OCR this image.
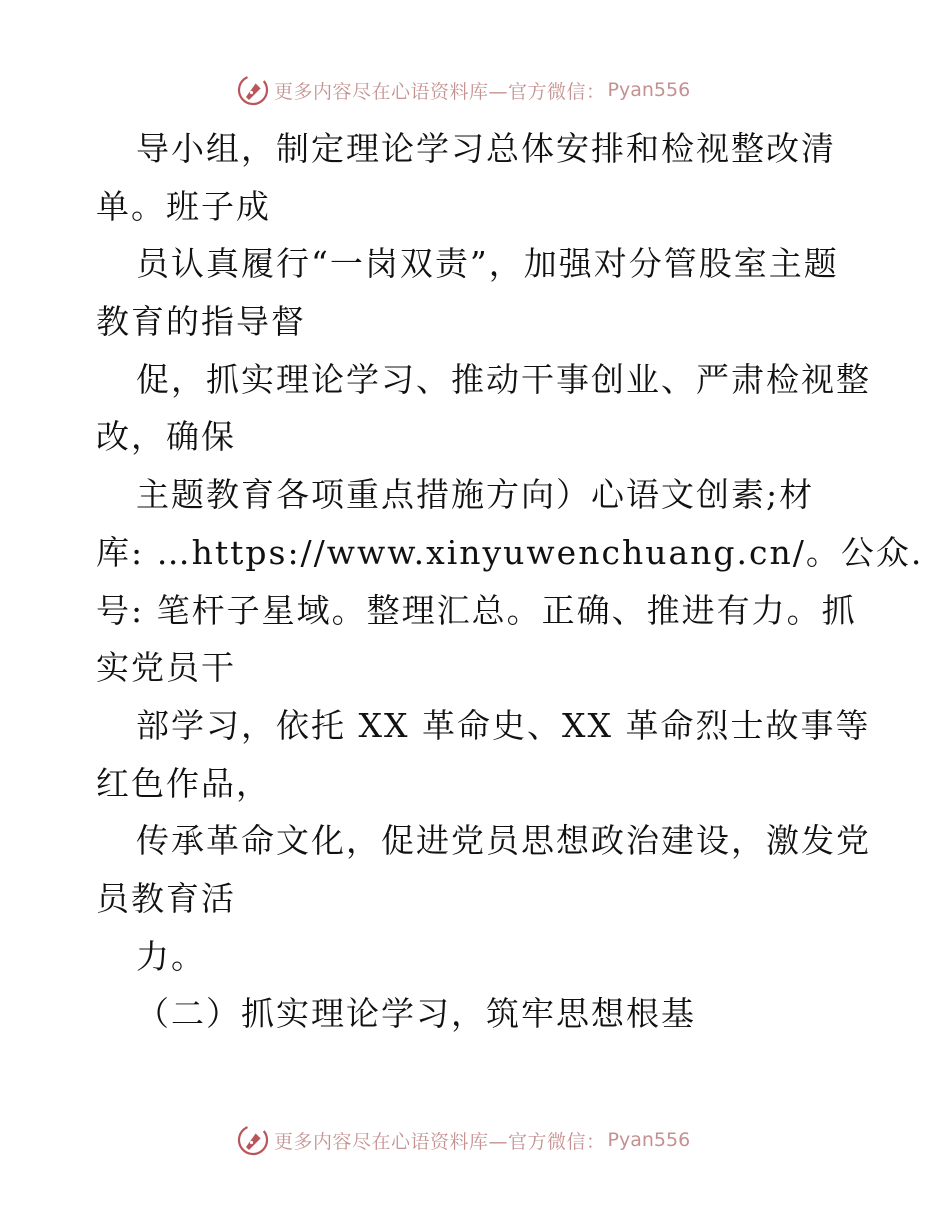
更多内容尽在心语资料库—官方微信： Pyan556
导小组，制定理论学习总体安排和检视整改清
单。班子成
员认真履行“一岗双责”，加强对分管股室主题
教育的指导督
促，抓实理论学习、推动干事创业、严肃检视整
改，确保
主题教育各项重点措施方向）心语文创素;材
库: …https://www.xinyuwenchuang.cn/。公众.
号: 笔杆子星域。整理汇总。正确、推进有力。抓
实党员干
部学习，依托 XX 革命史、XX 革命烈士故事等
红色作品，
传承革命文化，促进党员思想政治建设，激发党
员教育活
力。
（二）抓实理论学习，筑牢思想根基
更多内容尽在心语资料库—官方微信： Pyan556
